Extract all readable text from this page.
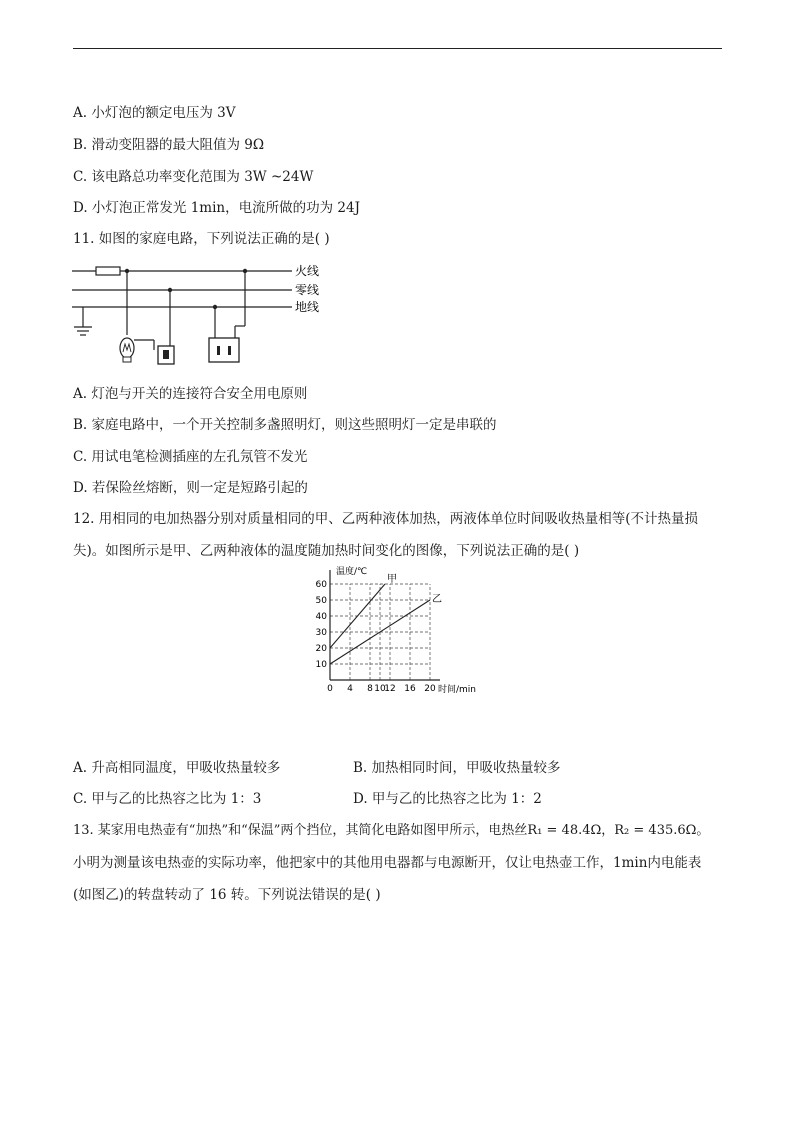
A. 小灯泡的额定电压为 3V
B. 滑动变阻器的最大阻值为 9Ω
C. 该电路总功率变化范围为 3W ~24W
D. 小灯泡正常发光 1min，电流所做的功为 24J
11. 如图的家庭电路，下列说法正确的是( )
火线
零线
地线
A. 灯泡与开关的连接符合安全用电原则
B. 家庭电路中，一个开关控制多盏照明灯，则这些照明灯一定是串联的
C. 用试电笔检测插座的左孔氖管不发光
D. 若保险丝熔断，则一定是短路引起的
12. 用相同的电加热器分别对质量相同的甲、乙两种液体加热，两液体单位时间吸收热量相等(不计热量损
失)。如图所示是甲、乙两种液体的温度随加热时间变化的图像，下列说法正确的是( )
0 4 8 10
12 16 20
10
20
30
40
50
60
时间/min
温度/℃
甲
乙
A. 升高相同温度，甲吸收热量较多	B. 加热相同时间，甲吸收热量较多
C. 甲与乙的比热容之比为 1：3	D. 甲与乙的比热容之比为 1：2
13. 某家用电热壶有“加热”和“保温”两个挡位，其简化电路如图甲所示，电热丝R₁ = 48.4Ω，R₂ = 435.6Ω。
小明为测量该电热壶的实际功率，他把家中的其他用电器都与电源断开，仅让电热壶工作，1min内电能表
(如图乙)的转盘转动了 16 转。下列说法错误的是( )
